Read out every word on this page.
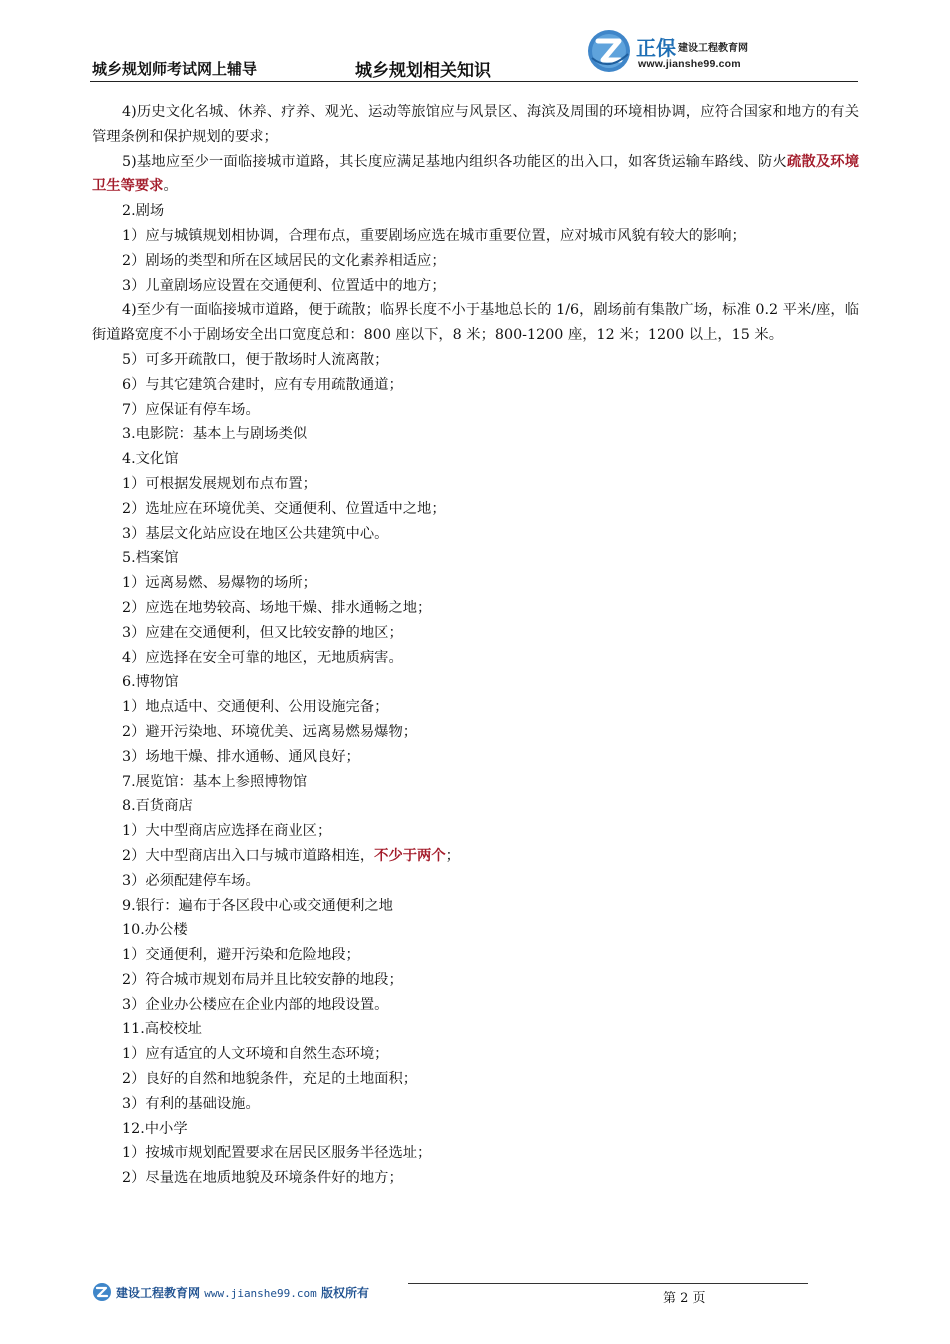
城乡规划师考试网上辅导	城乡规划相关知识
正保 建设工程教育网
www.jianshe99.com
4)历史文化名城、休养、疗养、观光、运动等旅馆应与风景区、海滨及周围的环境相协调，应符合国家和地方的有关管理条例和保护规划的要求；
5)基地应至少一面临接城市道路，其长度应满足基地内组织各功能区的出入口，如客货运输车路线、防火疏散及环境卫生等要求。
2.剧场
1）应与城镇规划相协调，合理布点，重要剧场应选在城市重要位置，应对城市风貌有较大的影响；
2）剧场的类型和所在区域居民的文化素养相适应；
3）儿童剧场应设置在交通便利、位置适中的地方；
4)至少有一面临接城市道路，便于疏散；临界长度不小于基地总长的 1/6，剧场前有集散广场，标准 0.2 平米/座，临街道路宽度不小于剧场安全出口宽度总和：800 座以下，8 米；800-1200 座，12 米；1200 以上，15 米。
5）可多开疏散口，便于散场时人流离散；
6）与其它建筑合建时，应有专用疏散通道；
7）应保证有停车场。
3.电影院：基本上与剧场类似
4.文化馆
1）可根据发展规划布点布置；
2）选址应在环境优美、交通便利、位置适中之地；
3）基层文化站应设在地区公共建筑中心。
5.档案馆
1）远离易燃、易爆物的场所；
2）应选在地势较高、场地干燥、排水通畅之地；
3）应建在交通便利，但又比较安静的地区；
4）应选择在安全可靠的地区，无地质病害。
6.博物馆
1）地点适中、交通便利、公用设施完备；
2）避开污染地、环境优美、远离易燃易爆物；
3）场地干燥、排水通畅、通风良好；
7.展览馆：基本上参照博物馆
8.百货商店
1）大中型商店应选择在商业区；
2）大中型商店出入口与城市道路相连，不少于两个；
3）必须配建停车场。
9.银行：遍布于各区段中心或交通便利之地
10.办公楼
1）交通便利，避开污染和危险地段；
2）符合城市规划布局并且比较安静的地段；
3）企业办公楼应在企业内部的地段设置。
11.高校校址
1）应有适宜的人文环境和自然生态环境；
2）良好的自然和地貌条件，充足的土地面积；
3）有利的基础设施。
12.中小学
1）按城市规划配置要求在居民区服务半径选址；
2）尽量选在地质地貌及环境条件好的地方；
建设工程教育网 www.jianshe99.com 版权所有	第 2 页
